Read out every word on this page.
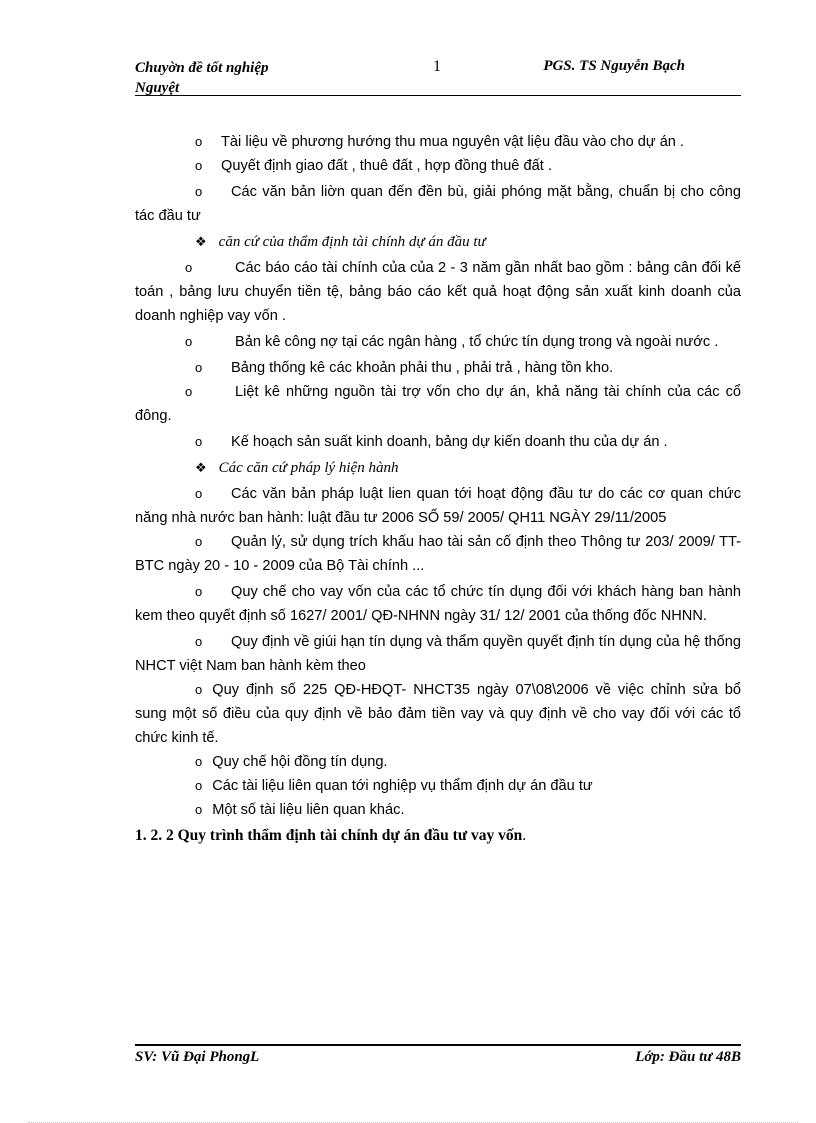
Chuyờn đề tốt nghiệp
Nguyệt
1	PGS. TS Nguyễn Bạch

o Tài liệu về phương hướng thu mua nguyên vật liệu đầu vào cho dự án .

o Quyết định giao đất , thuê đất , hợp đồng thuê đất .

o Các văn bản liờn quan đến đền bù, giải phóng mặt bằng, chuẩn bị cho công tác đầu tư

❖ căn cứ của thẩm định tài chính dự án đầu tư

o	Các báo cáo tài chính của của 2 - 3 năm gần nhất bao gồm : bảng cân đối kế toán , bảng lưu chuyển tiền tệ, bảng báo cáo kết quả hoạt động sản xuất kinh doanh của doanh nghiệp vay vốn .

o	Bản kê công nợ tại các ngân hàng , tổ chức tín dụng trong và ngoài nước .

o Bảng thống kê các khoản phải thu , phải trả , hàng tồn kho.

o	Liệt kê những nguồn tài trợ vốn cho dự án, khả năng tài chính của các cổ đông.

o Kế hoạch sản suất kinh doanh, bảng dự kiến doanh thu của dự án .

❖ Các căn cứ pháp lý hiện hành

o Các văn bản pháp luật lien quan tới hoạt động đầu tư do các cơ quan chức năng nhà nước ban hành: luật đầu tư 2006 SỐ 59/ 2005/ QH11 NGÀY 29/11/2005

o Quản lý, sử dụng trích khấu hao tài sản cố định theo Thông tư 203/ 2009/ TT-BTC ngày 20 - 10 - 2009 của Bộ Tài chính ...

o Quy chế cho vay vốn của các tổ chức tín dụng đối với khách hàng ban hành kem theo quyết định số 1627/ 2001/ QĐ-NHNN ngày 31/ 12/ 2001 của thống đốc NHNN.

o Quy định về giúi hạn tín dụng và thẩm quyền quyết định tín dụng của hệ thống NHCT việt Nam ban hành kèm theo

o Quy định số 225 QĐ-HĐQT- NHCT35 ngày 07\08\2006 về việc chỉnh sửa bổ sung một số điều của quy định về bảo đảm tiền vay và quy định về cho vay đối với các tổ chức kinh tế.

o Quy chế hội đồng tín dụng.

o Các tài liệu liên quan tới nghiệp vụ thẩm định dự án đầu tư

o Một số tài liệu liên quan khác.

1. 2. 2 Quy trình thẩm định tài chính dự án đầu tư vay vốn.

SV: Vũ Đại PhongL	Lớp: Đầu tư 48B
